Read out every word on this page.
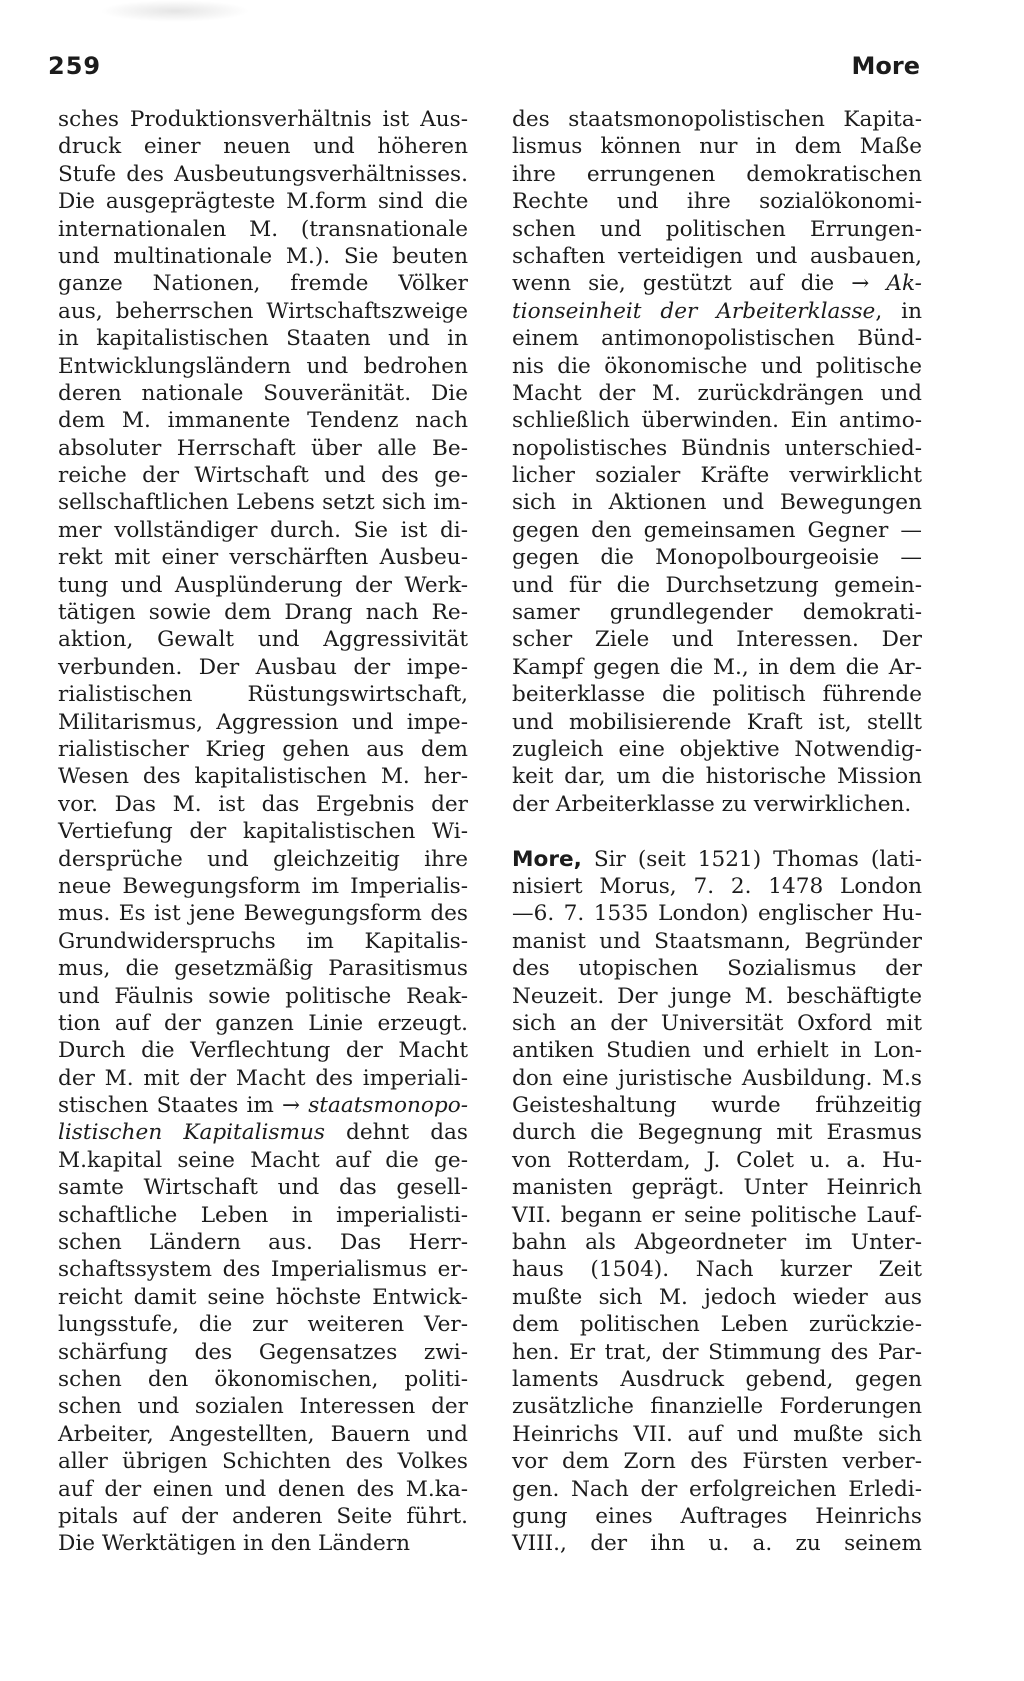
259	More
sches Produktionsverhältnis ist Aus-
druck einer neuen und höheren
Stufe des Ausbeutungsverhältnisses.
Die ausgeprägteste M.form sind die
internationalen M. (transnationale
und multinationale M.). Sie beuten
ganze Nationen, fremde Völker
aus, beherrschen Wirtschaftszweige
in kapitalistischen Staaten und in
Entwicklungsländern und bedrohen
deren nationale Souveränität. Die
dem M. immanente Tendenz nach
absoluter Herrschaft über alle Be-
reiche der Wirtschaft und des ge-
sellschaftlichen Lebens setzt sich im-
mer vollständiger durch. Sie ist di-
rekt mit einer verschärften Ausbeu-
tung und Ausplünderung der Werk-
tätigen sowie dem Drang nach Re-
aktion, Gewalt und Aggressivität
verbunden. Der Ausbau der impe-
rialistischen Rüstungswirtschaft,
Militarismus, Aggression und impe-
rialistischer Krieg gehen aus dem
Wesen des kapitalistischen M. her-
vor. Das M. ist das Ergebnis der
Vertiefung der kapitalistischen Wi-
dersprüche und gleichzeitig ihre
neue Bewegungsform im Imperialis-
mus. Es ist jene Bewegungsform des
Grundwiderspruchs im Kapitalis-
mus, die gesetzmäßig Parasitismus
und Fäulnis sowie politische Reak-
tion auf der ganzen Linie erzeugt.
Durch die Verflechtung der Macht
der M. mit der Macht des imperiali-
stischen Staates im → staatsmonopo-
listischen Kapitalismus dehnt das
M.kapital seine Macht auf die ge-
samte Wirtschaft und das gesell-
schaftliche Leben in imperialisti-
schen Ländern aus. Das Herr-
schaftssystem des Imperialismus er-
reicht damit seine höchste Entwick-
lungsstufe, die zur weiteren Ver-
schärfung des Gegensatzes zwi-
schen den ökonomischen, politi-
schen und sozialen Interessen der
Arbeiter, Angestellten, Bauern und
aller übrigen Schichten des Volkes
auf der einen und denen des M.ka-
pitals auf der anderen Seite führt.
Die Werktätigen in den Ländern
des staatsmonopolistischen Kapita-
lismus können nur in dem Maße
ihre errungenen demokratischen
Rechte und ihre sozialökonomi-
schen und politischen Errungen-
schaften verteidigen und ausbauen,
wenn sie, gestützt auf die → Ak-
tionseinheit der Arbeiterklasse, in
einem antimonopolistischen Bünd-
nis die ökonomische und politische
Macht der M. zurückdrängen und
schließlich überwinden. Ein antimo-
nopolistisches Bündnis unterschied-
licher sozialer Kräfte verwirklicht
sich in Aktionen und Bewegungen
gegen den gemeinsamen Gegner —
gegen die Monopolbourgeoisie —
und für die Durchsetzung gemein-
samer grundlegender demokrati-
scher Ziele und Interessen. Der
Kampf gegen die M., in dem die Ar-
beiterklasse die politisch führende
und mobilisierende Kraft ist, stellt
zugleich eine objektive Notwendig-
keit dar, um die historische Mission
der Arbeiterklasse zu verwirklichen.
More, Sir (seit 1521) Thomas (lati-
nisiert Morus, 7. 2. 1478 London
—6. 7. 1535 London) englischer Hu-
manist und Staatsmann, Begründer
des utopischen Sozialismus der
Neuzeit. Der junge M. beschäftigte
sich an der Universität Oxford mit
antiken Studien und erhielt in Lon-
don eine juristische Ausbildung. M.s
Geisteshaltung wurde frühzeitig
durch die Begegnung mit Erasmus
von Rotterdam, J. Colet u. a. Hu-
manisten geprägt. Unter Heinrich
VII. begann er seine politische Lauf-
bahn als Abgeordneter im Unter-
haus (1504). Nach kurzer Zeit
mußte sich M. jedoch wieder aus
dem politischen Leben zurückzie-
hen. Er trat, der Stimmung des Par-
laments Ausdruck gebend, gegen
zusätzliche finanzielle Forderungen
Heinrichs VII. auf und mußte sich
vor dem Zorn des Fürsten verber-
gen. Nach der erfolgreichen Erledi-
gung eines Auftrages Heinrichs
VIII., der ihn u. a. zu seinem
